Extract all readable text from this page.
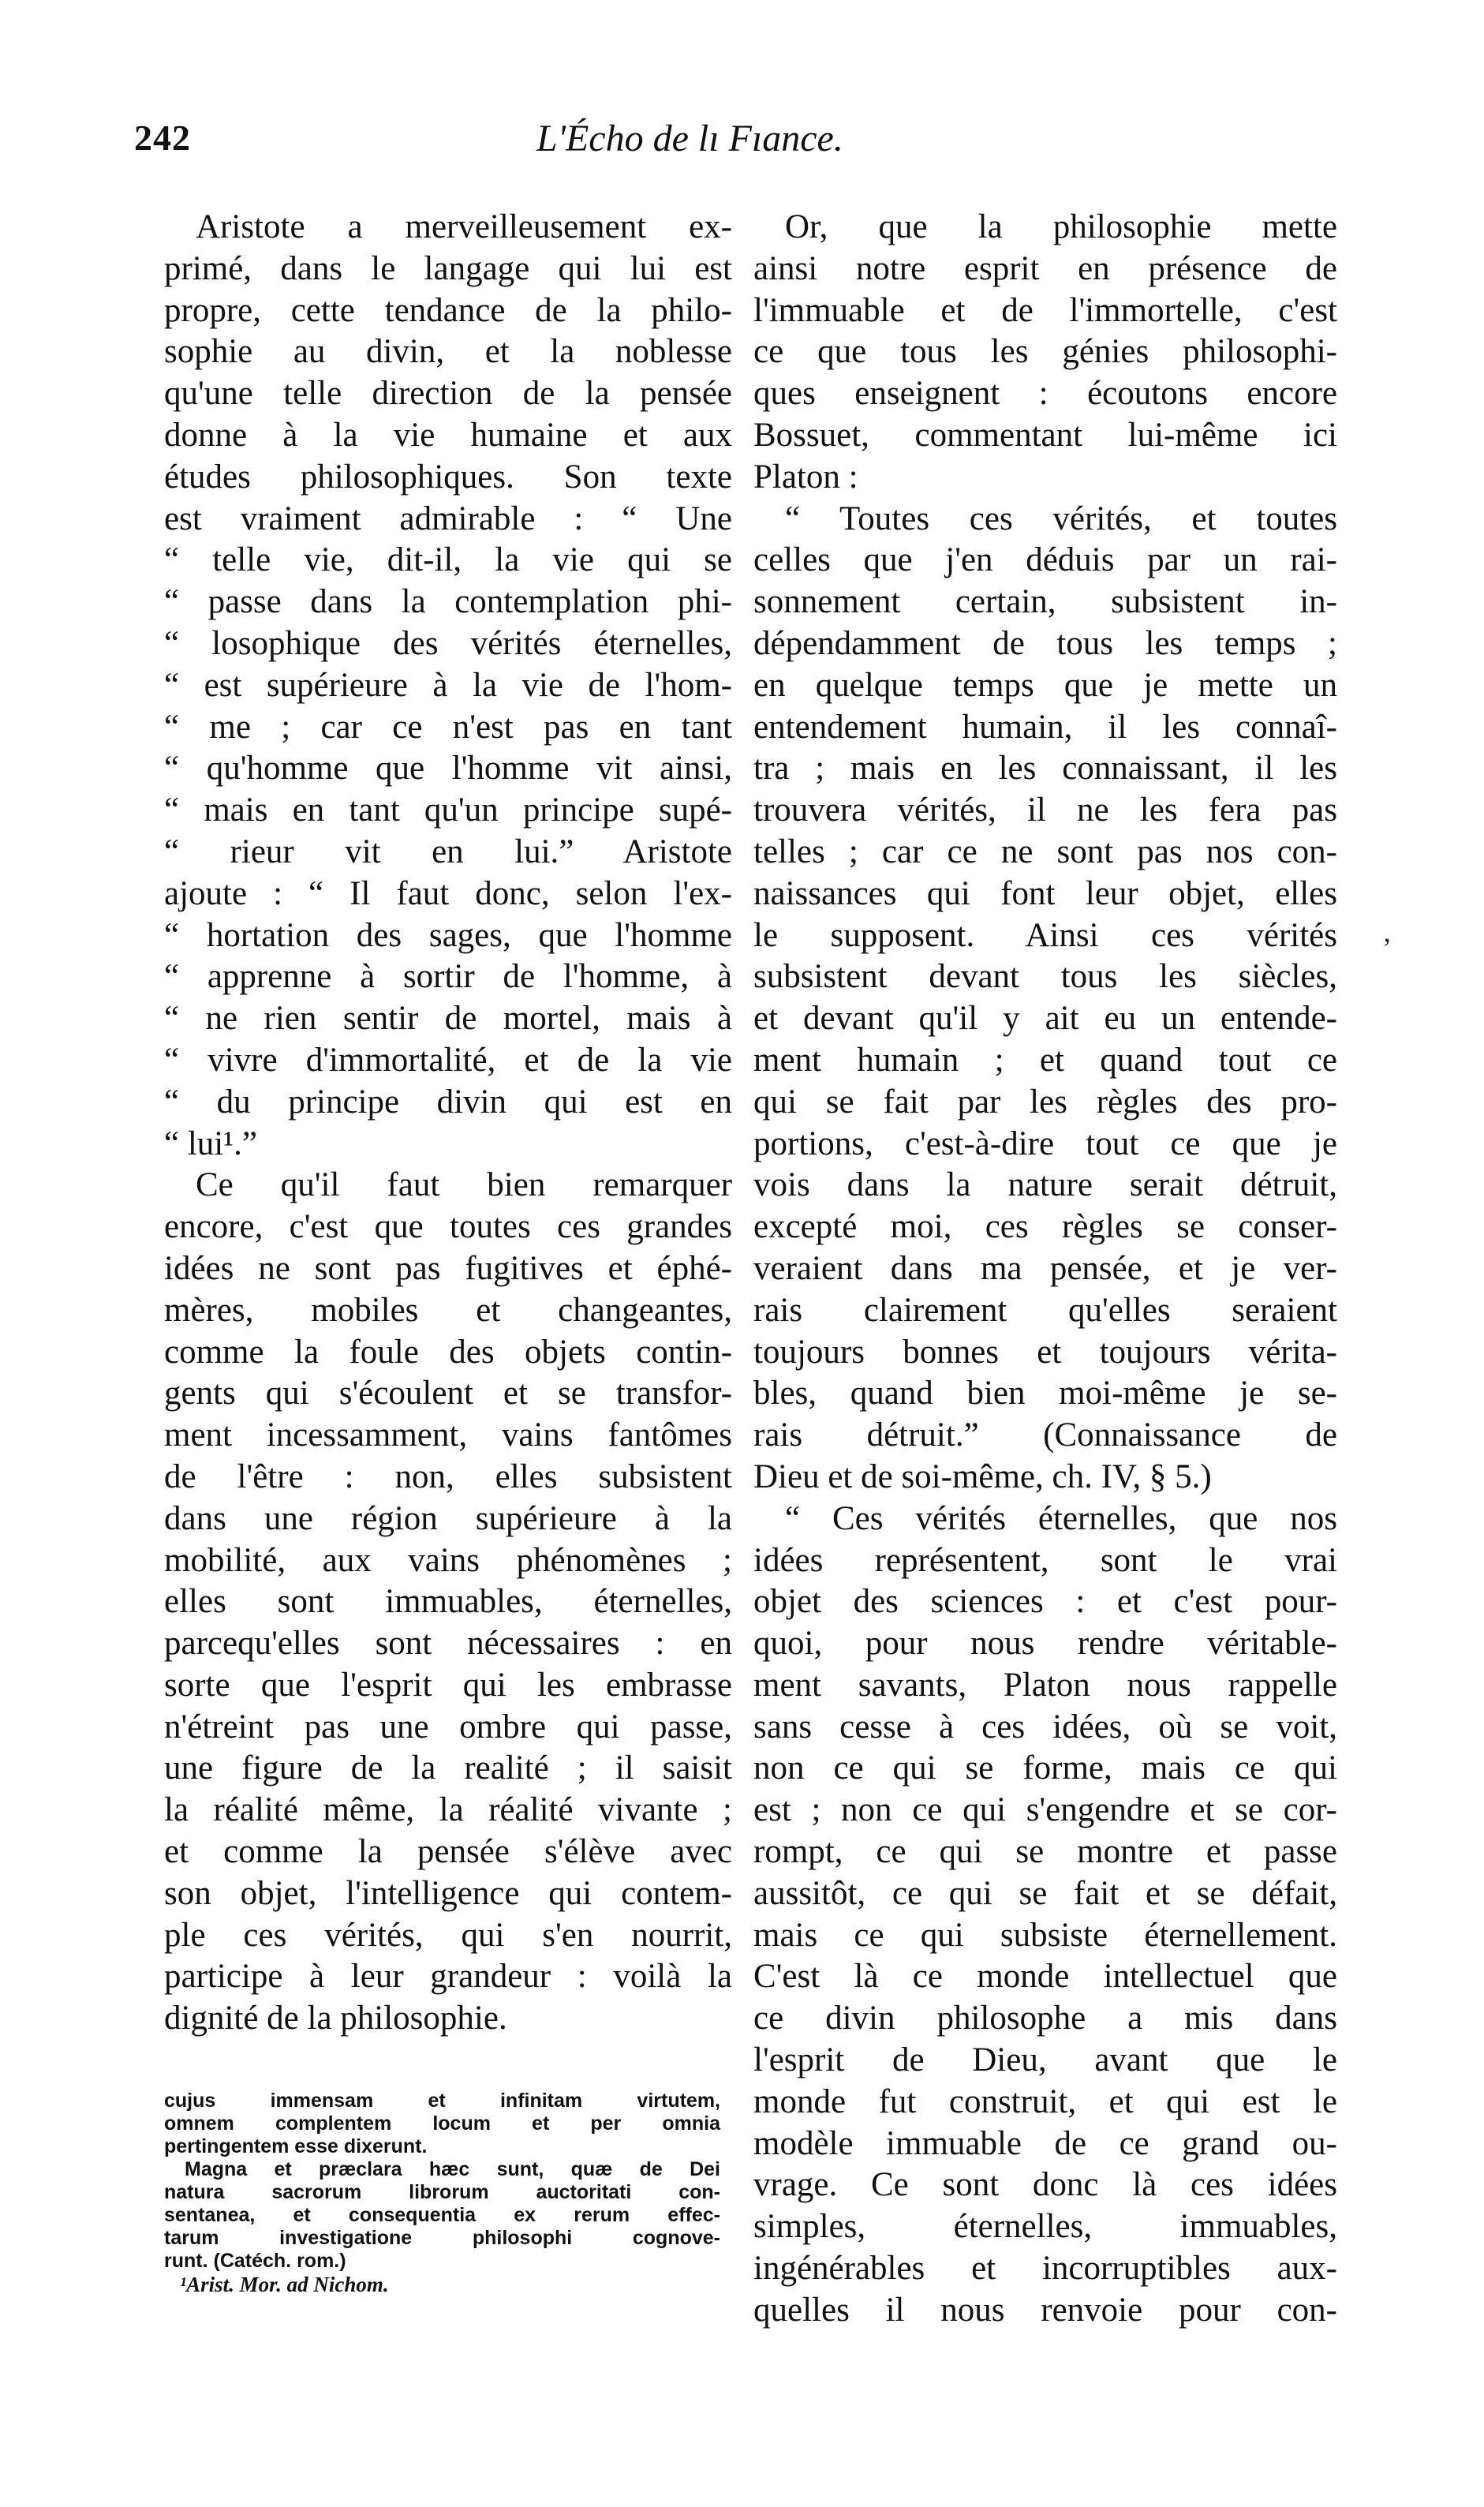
242	L'Écho de lı Fıance.
Aristote a merveilleusement ex-
primé, dans le langage qui lui est
propre, cette tendance de la philo-
sophie au divin, et la noblesse
qu'une telle direction de la pensée
donne à la vie humaine et aux
études philosophiques. Son texte
est vraiment admirable : “ Une
“ telle vie, dit-il, la vie qui se
“ passe dans la contemplation phi-
“ losophique des vérités éternelles,
“ est supérieure à la vie de l'hom-
“ me ; car ce n'est pas en tant
“ qu'homme que l'homme vit ainsi,
“ mais en tant qu'un principe supé-
“ rieur vit en lui.” Aristote
ajoute : “ Il faut donc, selon l'ex-
“ hortation des sages, que l'homme
“ apprenne à sortir de l'homme, à
“ ne rien sentir de mortel, mais à
“ vivre d'immortalité, et de la vie
“ du principe divin qui est en
“ lui¹.”
Ce qu'il faut bien remarquer
encore, c'est que toutes ces grandes
idées ne sont pas fugitives et éphé-
mères, mobiles et changeantes,
comme la foule des objets contin-
gents qui s'écoulent et se transfor-
ment incessamment, vains fantômes
de l'être : non, elles subsistent
dans une région supérieure à la
mobilité, aux vains phénomènes ;
elles sont immuables, éternelles,
parcequ'elles sont nécessaires : en
sorte que l'esprit qui les embrasse
n'étreint pas une ombre qui passe,
une figure de la realité ; il saisit
la réalité même, la réalité vivante ;
et comme la pensée s'élève avec
son objet, l'intelligence qui contem-
ple ces vérités, qui s'en nourrit,
participe à leur grandeur : voilà la
dignité de la philosophie.
Or, que la philosophie mette
ainsi notre esprit en présence de
l'immuable et de l'immortelle, c'est
ce que tous les génies philosophi-
ques enseignent : écoutons encore
Bossuet, commentant lui-même ici
Platon :
“ Toutes ces vérités, et toutes
celles que j'en déduis par un rai-
sonnement certain, subsistent in-
dépendamment de tous les temps ;
en quelque temps que je mette un
entendement humain, il les connaî-
tra ; mais en les connaissant, il les
trouvera vérités, il ne les fera pas
telles ; car ce ne sont pas nos con-
naissances qui font leur objet, elles
le supposent. Ainsi ces vérités
subsistent devant tous les siècles,
et devant qu'il y ait eu un entende-
ment humain ; et quand tout ce
qui se fait par les règles des pro-
portions, c'est-à-dire tout ce que je
vois dans la nature serait détruit,
excepté moi, ces règles se conser-
veraient dans ma pensée, et je ver-
rais clairement qu'elles seraient
toujours bonnes et toujours vérita-
bles, quand bien moi-même je se-
rais détruit.” (Connaissance de
Dieu et de soi-même, ch. IV, § 5.)
“ Ces vérités éternelles, que nos
idées représentent, sont le vrai
objet des sciences : et c'est pour-
quoi, pour nous rendre véritable-
ment savants, Platon nous rappelle
sans cesse à ces idées, où se voit,
non ce qui se forme, mais ce qui
est ; non ce qui s'engendre et se cor-
rompt, ce qui se montre et passe
aussitôt, ce qui se fait et se défait,
mais ce qui subsiste éternellement.
C'est là ce monde intellectuel que
ce divin philosophe a mis dans
l'esprit de Dieu, avant que le
monde fut construit, et qui est le
modèle immuable de ce grand ou-
vrage. Ce sont donc là ces idées
simples, éternelles, immuables,
ingénérables et incorruptibles aux-
quelles il nous renvoie pour con-
cujus immensam et infinitam virtutem,
omnem complentem locum et per omnia
pertingentem esse dixerunt.
Magna et præclara hæc sunt, quæ de Dei
natura sacrorum librorum auctoritati con-
sentanea, et consequentia ex rerum effec-
tarum investigatione philosophi cognove-
runt. (Catéch. rom.)
¹Arist. Mor. ad Nichom.
‚
